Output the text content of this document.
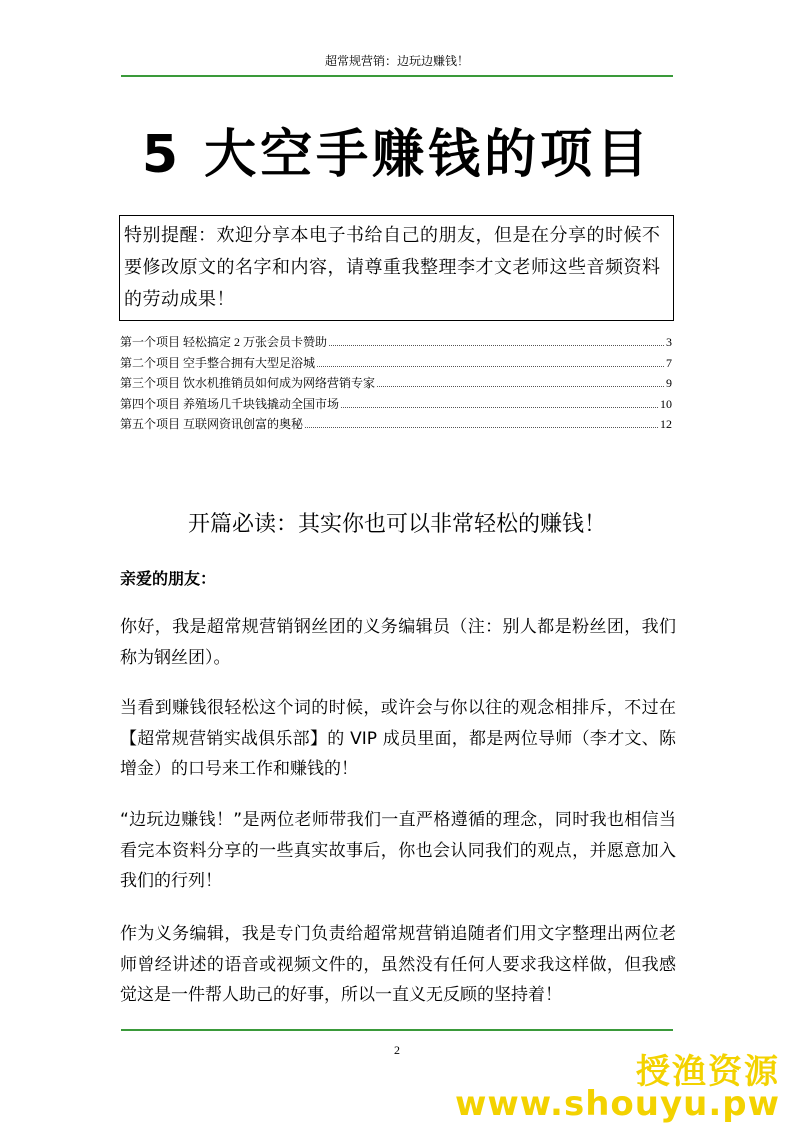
超常规营销：边玩边赚钱！
5 大空手赚钱的项目
特别提醒：欢迎分享本电子书给自己的朋友，但是在分享的时候不要修改原文的名字和内容，请尊重我整理李才文老师这些音频资料的劳动成果！
第一个项目 轻松搞定 2 万张会员卡赞助	3
第二个项目 空手整合拥有大型足浴城	7
第三个项目 饮水机推销员如何成为网络营销专家	9
第四个项目 养殖场几千块钱撬动全国市场	10
第五个项目 互联网资讯创富的奥秘	12
开篇必读：其实你也可以非常轻松的赚钱！
亲爱的朋友：
你好，我是超常规营销钢丝团的义务编辑员（注：别人都是粉丝团，我们称为钢丝团）。
当看到赚钱很轻松这个词的时候，或许会与你以往的观念相排斥，不过在【超常规营销实战俱乐部】的 VIP 成员里面，都是两位导师（李才文、陈增金）的口号来工作和赚钱的！
“边玩边赚钱！”是两位老师带我们一直严格遵循的理念，同时我也相信当看完本资料分享的一些真实故事后，你也会认同我们的观点，并愿意加入我们的行列！
作为义务编辑，我是专门负责给超常规营销追随者们用文字整理出两位老师曾经讲述的语音或视频文件的，虽然没有任何人要求我这样做，但我感觉这是一件帮人助己的好事，所以一直义无反顾的坚持着！
2
授渔资源
www.shouyu.pw
